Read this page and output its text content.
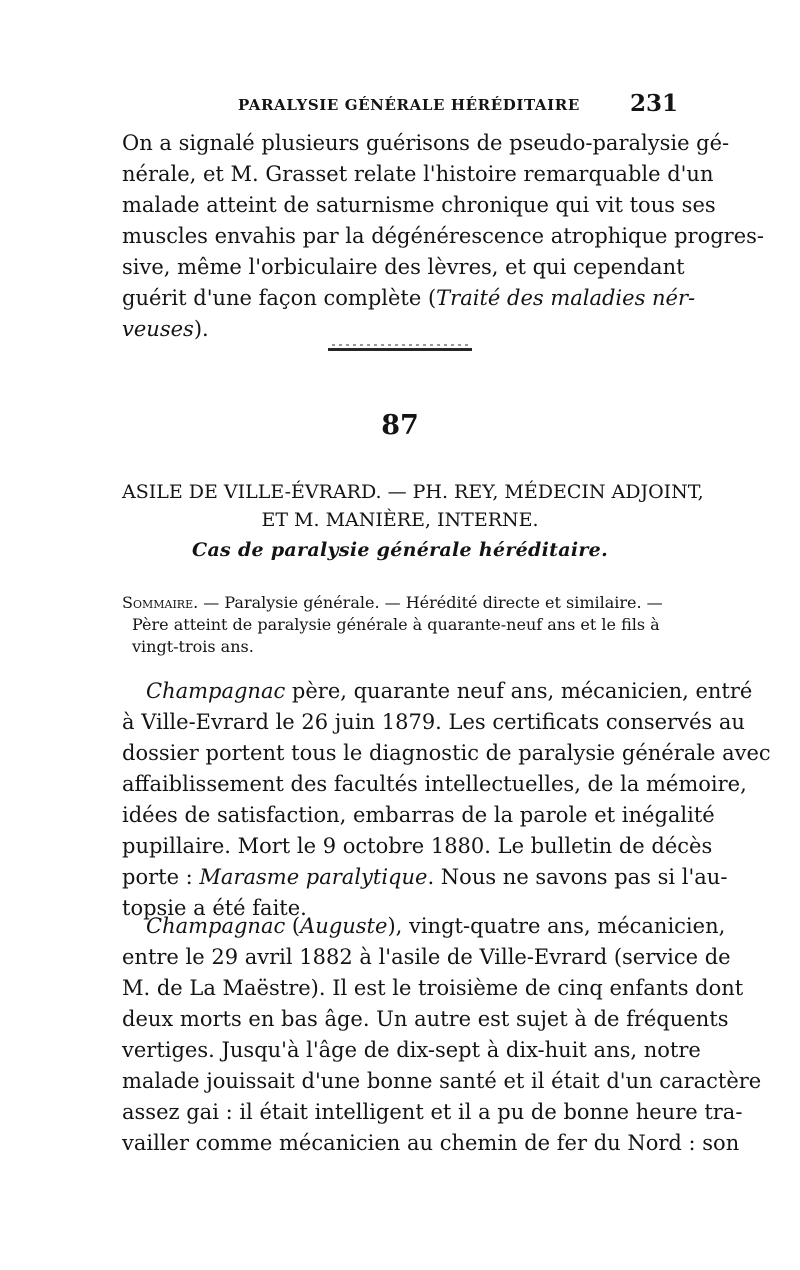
PARALYSIE GÉNÉRALE HÉRÉDITAIRE 231
On a signalé plusieurs guérisons de pseudo-paralysie gé-
nérale, et M. Grasset relate l'histoire remarquable d'un
malade atteint de saturnisme chronique qui vit tous ses
muscles envahis par la dégénérescence atrophique progres-
sive, même l'orbiculaire des lèvres, et qui cependant
guérit d'une façon complète (Traité des maladies nér-
veuses).
87
ASILE DE VILLE-ÉVRARD. — PH. REY, MÉDECIN ADJOINT,
ET M. MANIÈRE, INTERNE.
Cas de paralysie générale héréditaire.
Sommaire. — Paralysie générale. — Hérédité directe et similaire. —
Père atteint de paralysie générale à quarante-neuf ans et le fils à
vingt-trois ans.
Champagnac père, quarante neuf ans, mécanicien, entré
à Ville-Evrard le 26 juin 1879. Les certificats conservés au
dossier portent tous le diagnostic de paralysie générale avec
affaiblissement des facultés intellectuelles, de la mémoire,
idées de satisfaction, embarras de la parole et inégalité
pupillaire. Mort le 9 octobre 1880. Le bulletin de décès
porte : Marasme paralytique. Nous ne savons pas si l'au-
topsie a été faite.
Champagnac (Auguste), vingt-quatre ans, mécanicien,
entre le 29 avril 1882 à l'asile de Ville-Evrard (service de
M. de La Maëstre). Il est le troisième de cinq enfants dont
deux morts en bas âge. Un autre est sujet à de fréquents
vertiges. Jusqu'à l'âge de dix-sept à dix-huit ans, notre
malade jouissait d'une bonne santé et il était d'un caractère
assez gai : il était intelligent et il a pu de bonne heure tra-
vailler comme mécanicien au chemin de fer du Nord : son
